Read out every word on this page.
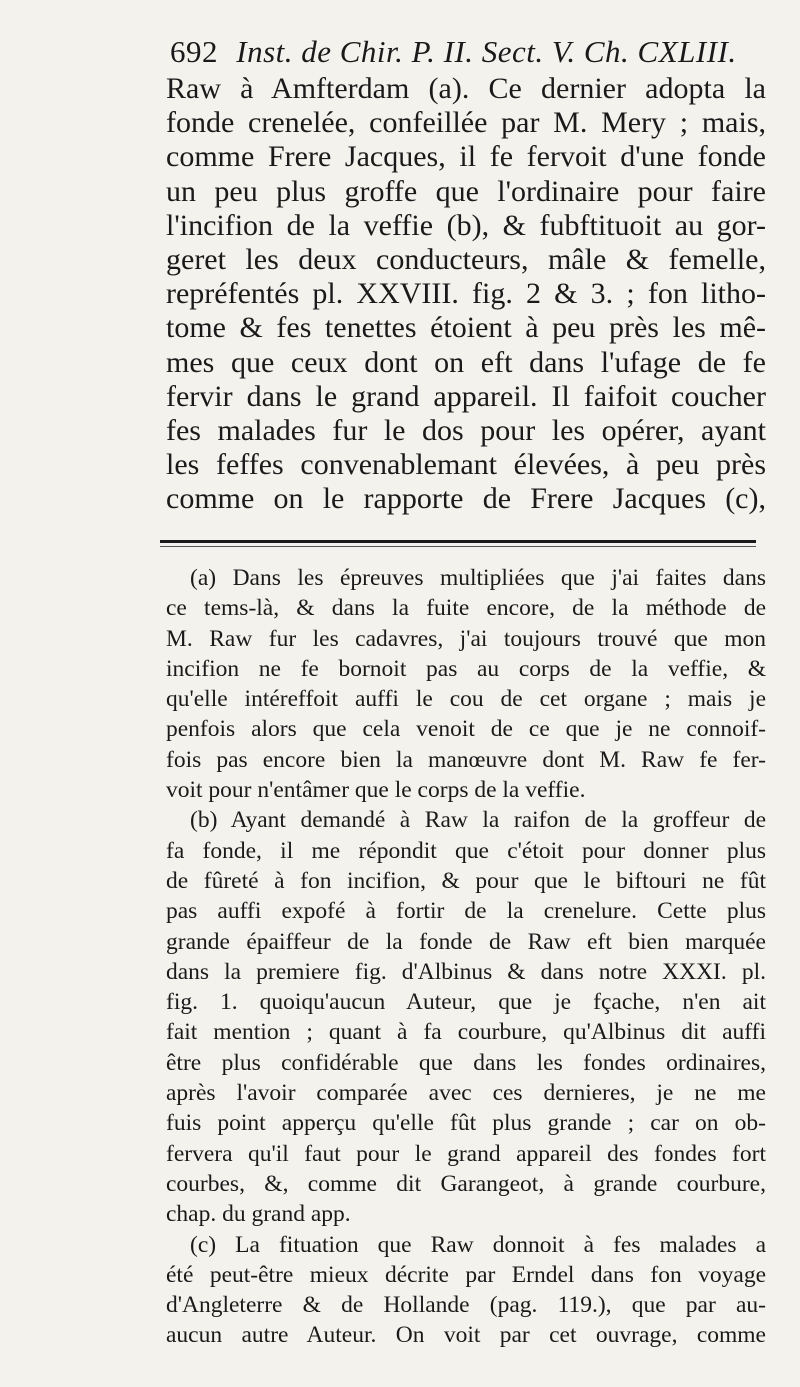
692 Inst. de Chir. P. II. Sect. V. Ch. CXLIII.
Raw à Amfterdam (a). Ce dernier adopta la
fonde crenelée, confeillée par M. Mery ; mais,
comme Frere Jacques, il fe fervoit d'une fonde
un peu plus groffe que l'ordinaire pour faire
l'incifion de la veffie (b), & fubftituoit au gor-
geret les deux conducteurs, mâle & femelle,
repréfentés pl. XXVIII. fig. 2 & 3. ; fon litho-
tome & fes tenettes étoient à peu près les mê-
mes que ceux dont on eft dans l'ufage de fe
fervir dans le grand appareil. Il faifoit coucher
fes malades fur le dos pour les opérer, ayant
les feffes convenablemant élevées, à peu près
comme on le rapporte de Frere Jacques (c),
(a) Dans les épreuves multipliées que j'ai faites dans
ce tems-là, & dans la fuite encore, de la méthode de
M. Raw fur les cadavres, j'ai toujours trouvé que mon
incifion ne fe bornoit pas au corps de la veffie, &
qu'elle intéreffoit auffi le cou de cet organe ; mais je
penfois alors que cela venoit de ce que je ne connoif-
fois pas encore bien la manœuvre dont M. Raw fe fer-
voit pour n'entâmer que le corps de la veffie.
(b) Ayant demandé à Raw la raifon de la groffeur de
fa fonde, il me répondit que c'étoit pour donner plus
de fûreté à fon incifion, & pour que le biftouri ne fût
pas auffi expofé à fortir de la crenelure. Cette plus
grande épaiffeur de la fonde de Raw eft bien marquée
dans la premiere fig. d'Albinus & dans notre XXXI. pl.
fig. 1. quoiqu'aucun Auteur, que je fçache, n'en ait
fait mention ; quant à fa courbure, qu'Albinus dit auffi
être plus confidérable que dans les fondes ordinaires,
après l'avoir comparée avec ces dernieres, je ne me
fuis point apperçu qu'elle fût plus grande ; car on ob-
fervera qu'il faut pour le grand appareil des fondes fort
courbes, &, comme dit Garangeot, à grande courbure,
chap. du grand app.
(c) La fituation que Raw donnoit à fes malades a
été peut-être mieux décrite par Erndel dans fon voyage
d'Angleterre & de Hollande (pag. 119.), que par au-
aucun autre Auteur. On voit par cet ouvrage, comme
